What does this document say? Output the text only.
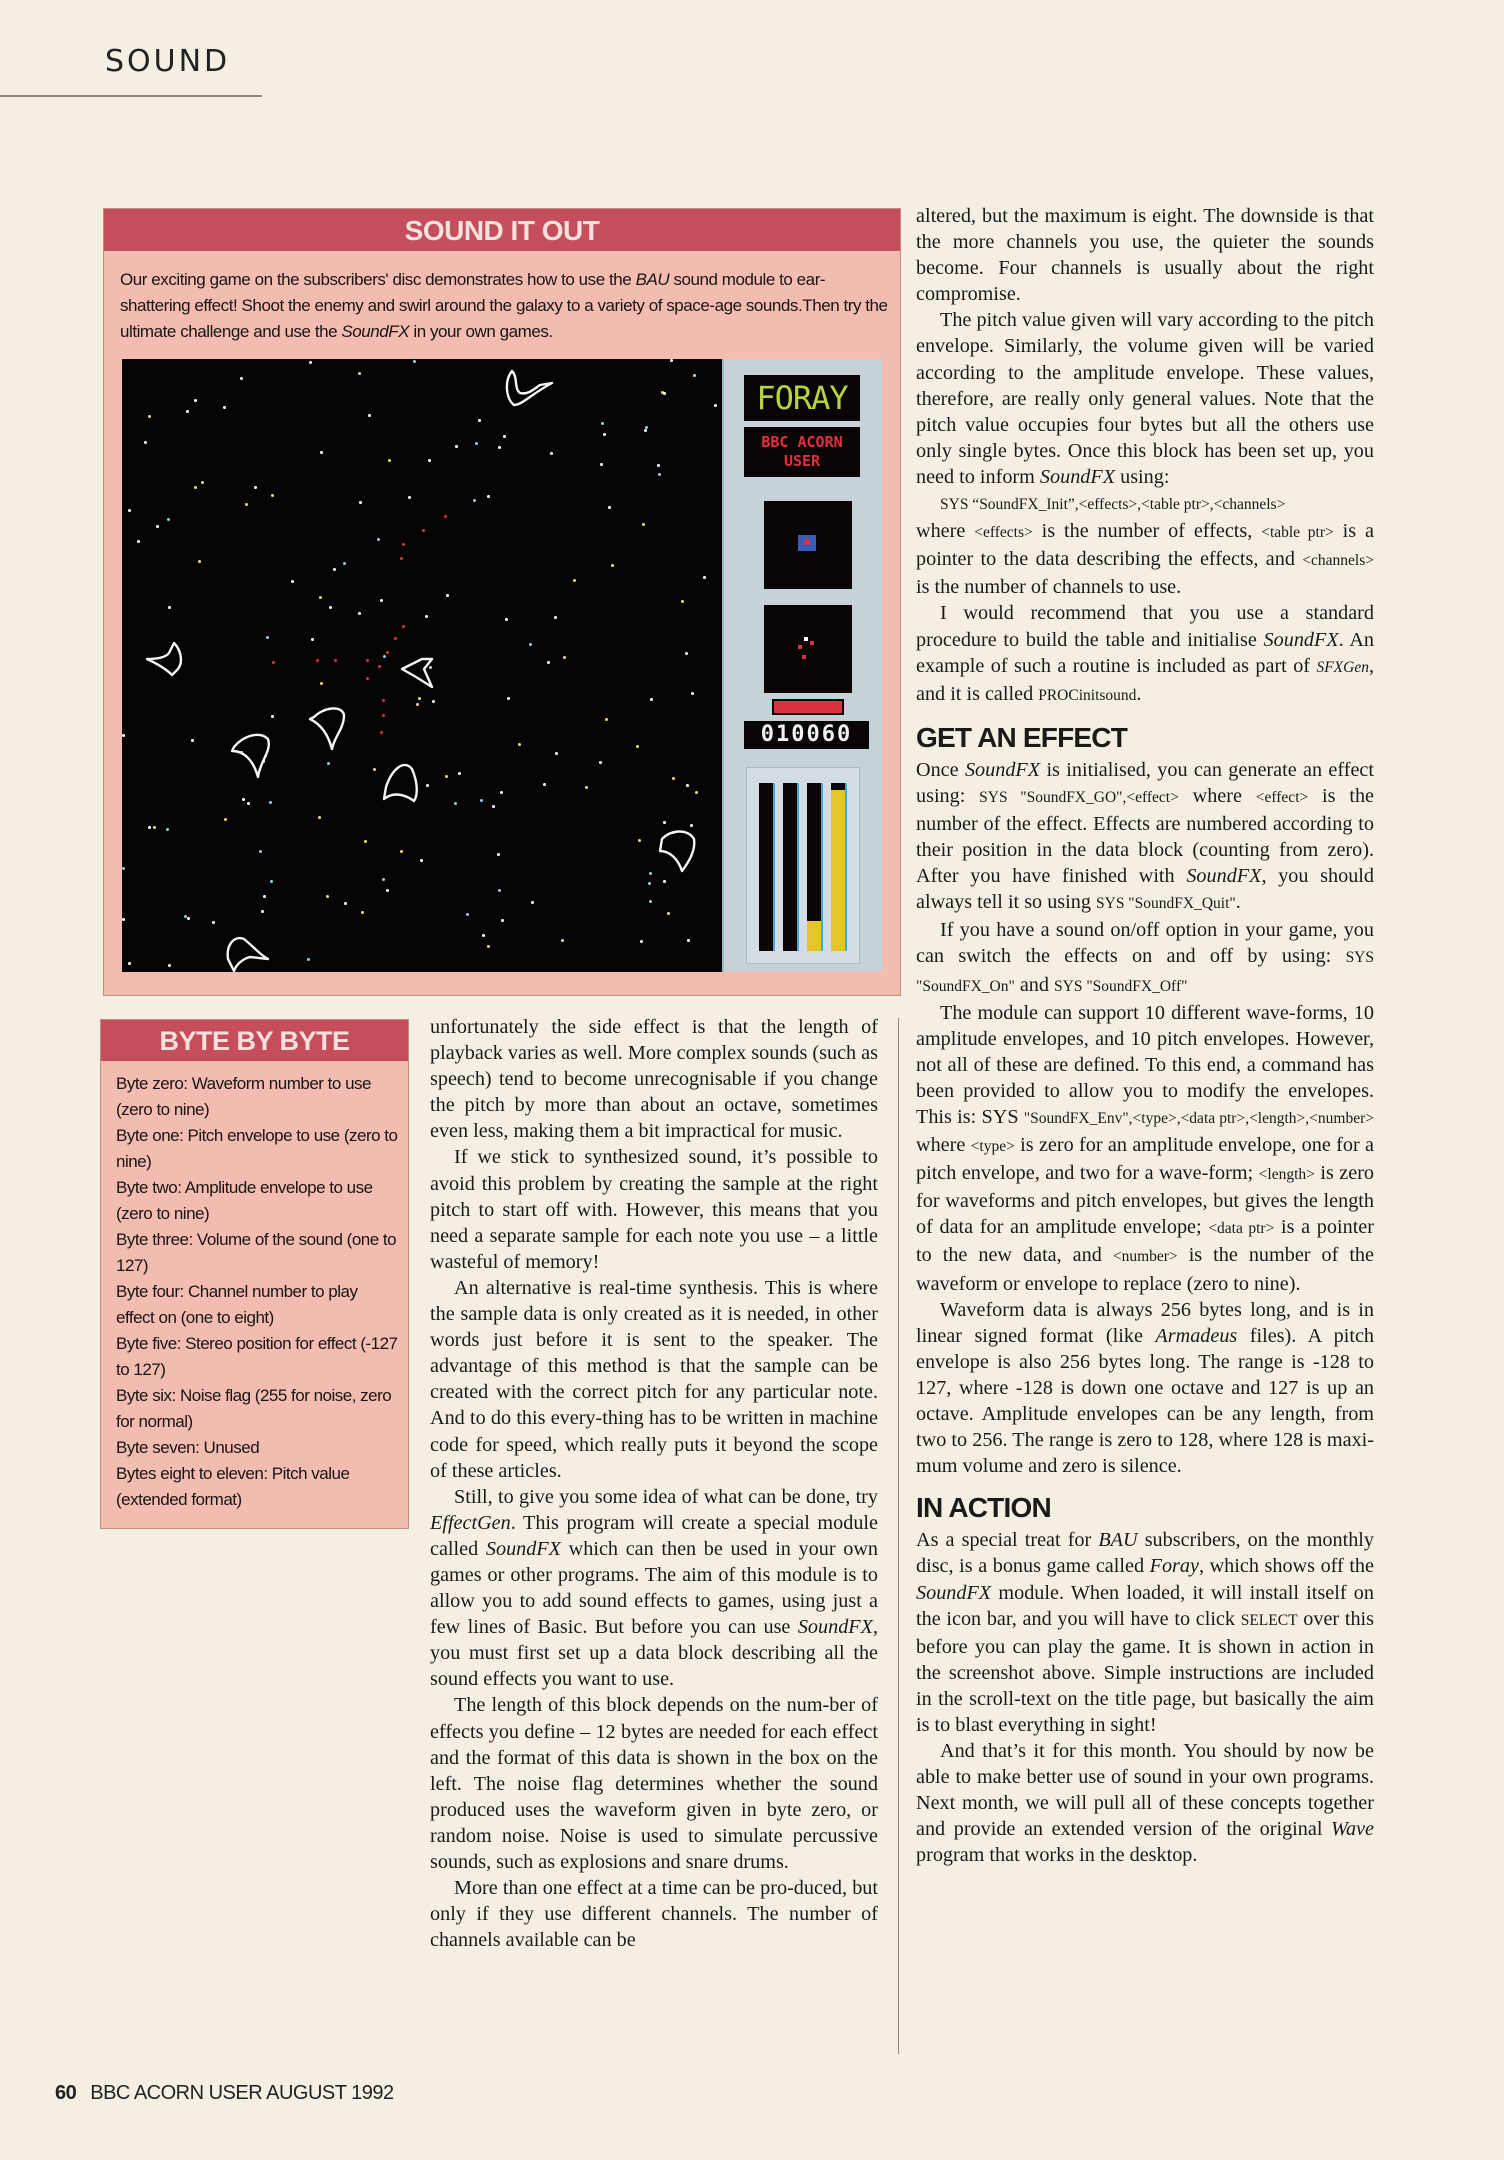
SOUND
SOUND IT OUT
Our exciting game on the subscribers' disc demonstrates how to use the BAU sound module to ear-shattering effect! Shoot the enemy and swirl around the galaxy to a variety of space-age sounds.Then try the ultimate challenge and use the SoundFX in your own games.
FORAY
BBC ACORN
USER
010060
BYTE BY BYTE
Byte zero: Waveform number to use (zero to nine)
Byte one: Pitch envelope to use (zero to nine)
Byte two: Amplitude envelope to use (zero to nine)
Byte three: Volume of the sound (one to 127)
Byte four: Channel number to play effect on (one to eight)
Byte five: Stereo position for effect (-127 to 127)
Byte six: Noise flag (255 for noise, zero for normal)
Byte seven: Unused
Bytes eight to eleven: Pitch value (extended format)

unfortunately the side effect is that the length of playback varies as well. More complex sounds (such as speech) tend to become unrecognisable if you change the pitch by more than about an octave, sometimes even less, making them a bit impractical for music.

If we stick to synthesized sound, it’s possible to avoid this problem by creating the sample at the right pitch to start off with. However, this means that you need a separate sample for each note you use – a little wasteful of memory!

An alternative is real-time synthesis. This is where the sample data is only created as it is needed, in other words just before it is sent to the speaker. The advantage of this method is that the sample can be created with the correct pitch for any particular note. And to do this every-thing has to be written in machine code for speed, which really puts it beyond the scope of these articles.

Still, to give you some idea of what can be done, try EffectGen. This program will create a special module called SoundFX which can then be used in your own games or other programs. The aim of this module is to allow you to add sound effects to games, using just a few lines of Basic. But before you can use SoundFX, you must first set up a data block describing all the sound effects you want to use.

The length of this block depends on the num-ber of effects you define – 12 bytes are needed for each effect and the format of this data is shown in the box on the left. The noise flag determines whether the sound produced uses the waveform given in byte zero, or random noise. Noise is used to simulate percussive sounds, such as explosions and snare drums.

More than one effect at a time can be pro-duced, but only if they use different channels. The number of channels available can be

altered, but the maximum is eight. The downside is that the more channels you use, the quieter the sounds become. Four channels is usually about the right compromise.

The pitch value given will vary according to the pitch envelope. Similarly, the volume given will be varied according to the amplitude envelope. These values, therefore, are really only general values. Note that the pitch value occupies four bytes but all the others use only single bytes. Once this block has been set up, you need to inform SoundFX using:

SYS “SoundFX_Init”,<effects>,<table ptr>,<channels>

where <effects> is the number of effects, <table ptr> is a pointer to the data describing the effects, and <channels> is the number of channels to use.

I would recommend that you use a standard procedure to build the table and initialise SoundFX. An example of such a routine is included as part of SFXGen, and it is called PROCinitsound.

GET AN EFFECT

Once SoundFX is initialised, you can generate an effect using: SYS "SoundFX_GO",<effect> where <effect> is the number of the effect. Effects are numbered according to their position in the data block (counting from zero). After you have finished with SoundFX, you should always tell it so using SYS "SoundFX_Quit".

If you have a sound on/off option in your game, you can switch the effects on and off by using: SYS "SoundFX_On" and SYS "SoundFX_Off"

The module can support 10 different wave-forms, 10 amplitude envelopes, and 10 pitch envelopes. However, not all of these are defined. To this end, a command has been provided to allow you to modify the envelopes. This is: SYS "SoundFX_Env",<type>,<data ptr>,<length>,<number> where <type> is zero for an amplitude envelope, one for a pitch envelope, and two for a wave-form; <length> is zero for waveforms and pitch envelopes, but gives the length of data for an amplitude envelope; <data ptr> is a pointer to the new data, and <number> is the number of the waveform or envelope to replace (zero to nine).

Waveform data is always 256 bytes long, and is in linear signed format (like Armadeus files). A pitch envelope is also 256 bytes long. The range is -128 to 127, where -128 is down one octave and 127 is up an octave. Amplitude envelopes can be any length, from two to 256. The range is zero to 128, where 128 is maxi-mum volume and zero is silence.

IN ACTION

As a special treat for BAU subscribers, on the monthly disc, is a bonus game called Foray, which shows off the SoundFX module. When loaded, it will install itself on the icon bar, and you will have to click SELECT over this before you can play the game. It is shown in action in the screenshot above. Simple instructions are included in the scroll-text on the title page, but basically the aim is to blast everything in sight!

And that’s it for this month. You should by now be able to make better use of sound in your own programs. Next month, we will pull all of these concepts together and provide an extended version of the original Wave program that works in the desktop.

60 BBC ACORN USER AUGUST 1992
